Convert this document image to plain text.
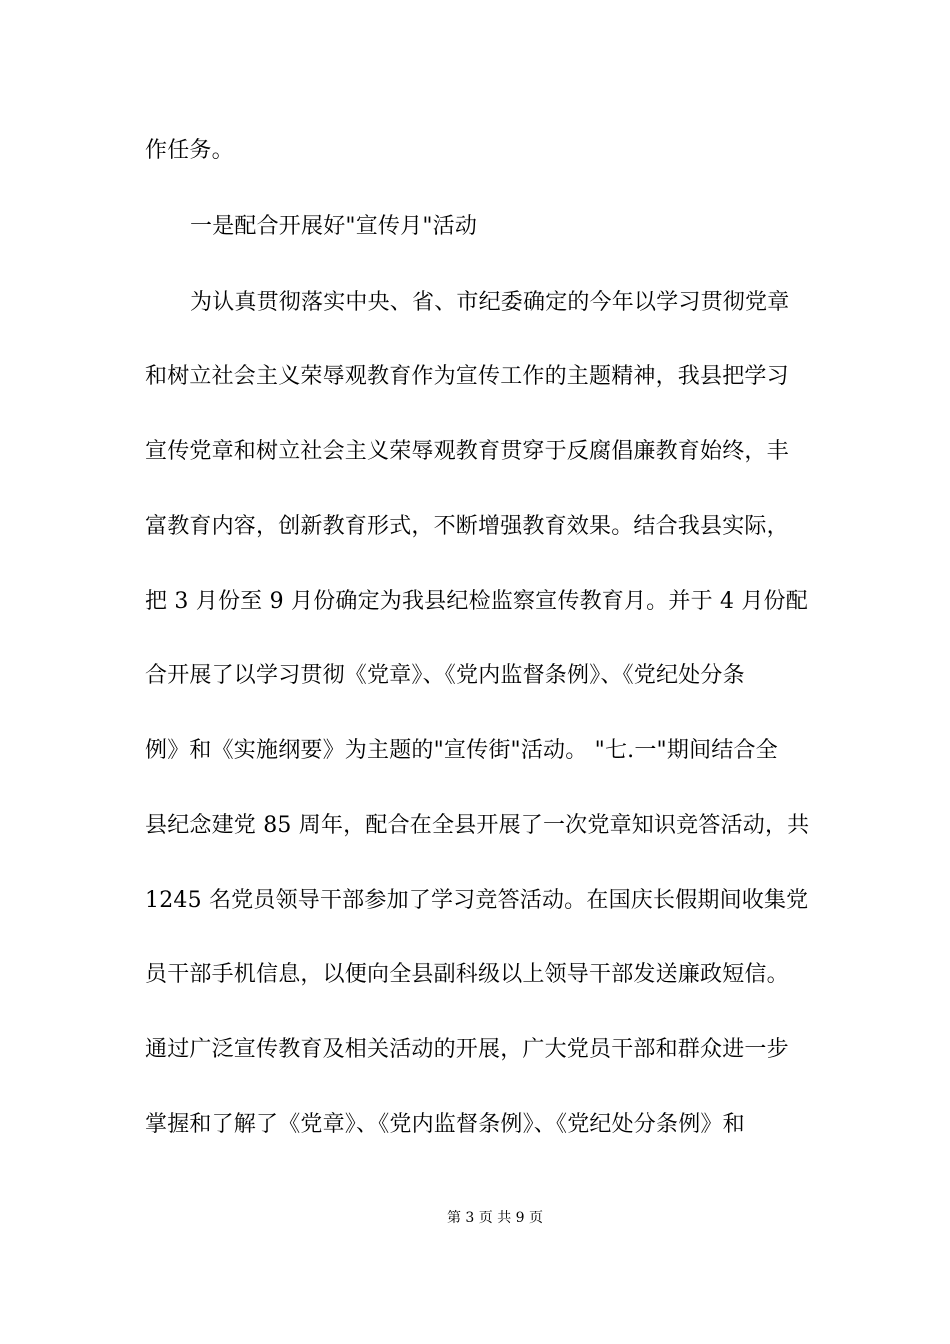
作任务。
一是配合开展好"宣传月"活动
为认真贯彻落实中央、省、市纪委确定的今年以学习贯彻党章
和树立社会主义荣辱观教育作为宣传工作的主题精神，我县把学习
宣传党章和树立社会主义荣辱观教育贯穿于反腐倡廉教育始终，丰
富教育内容，创新教育形式，不断增强教育效果。结合我县实际，
把 3 月份至 9 月份确定为我县纪检监察宣传教育月。并于 4 月份配
合开展了以学习贯彻《党章》、《党内监督条例》、《党纪处分条
例》和《实施纲要》为主题的"宣传街"活动。 "七.一"期间结合全
县纪念建党 85 周年，配合在全县开展了一次党章知识竞答活动，共
1245 名党员领导干部参加了学习竞答活动。在国庆长假期间收集党
员干部手机信息，以便向全县副科级以上领导干部发送廉政短信。
通过广泛宣传教育及相关活动的开展，广大党员干部和群众进一步
掌握和了解了《党章》、《党内监督条例》、《党纪处分条例》和
第 3 页 共 9 页
